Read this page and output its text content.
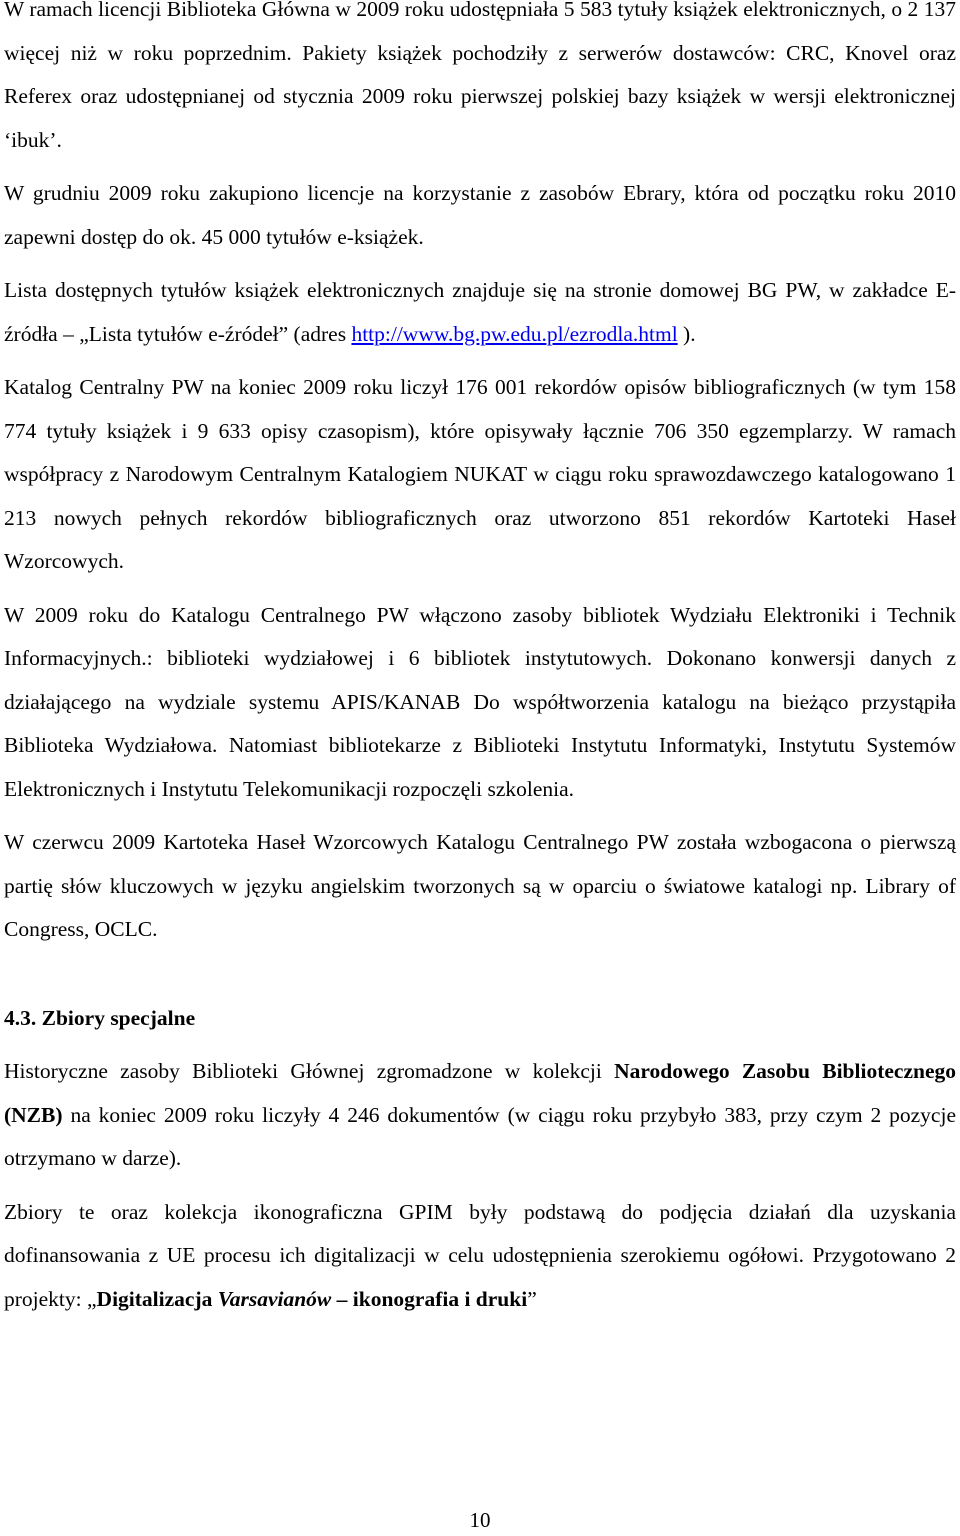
W ramach licencji Biblioteka Główna w 2009 roku udostępniała 5 583 tytuły książek elektronicznych, o 2 137 więcej niż w roku poprzednim. Pakiety książek pochodziły z serwerów dostawców: CRC, Knovel oraz Referex oraz udostępnianej od stycznia 2009 roku pierwszej polskiej bazy książek w wersji elektronicznej ‘ibuk’.

W grudniu 2009 roku zakupiono licencje na korzystanie z zasobów Ebrary, która od początku roku 2010 zapewni dostęp do ok. 45 000 tytułów e-książek.

Lista dostępnych tytułów książek elektronicznych znajduje się na stronie domowej BG PW, w zakładce E-źródła – „Lista tytułów e-źródeł” (adres http://www.bg.pw.edu.pl/ezrodla.html ).

Katalog Centralny PW na koniec 2009 roku liczył 176 001 rekordów opisów bibliograficznych (w tym 158 774 tytuły książek i 9 633 opisy czasopism), które opisywały łącznie 706 350 egzemplarzy. W ramach współpracy z Narodowym Centralnym Katalogiem NUKAT w ciągu roku sprawozdawczego katalogowano 1 213 nowych pełnych rekordów bibliograficznych oraz utworzono 851 rekordów Kartoteki Haseł Wzorcowych.

W 2009 roku do Katalogu Centralnego PW włączono zasoby bibliotek Wydziału Elektroniki i Technik Informacyjnych.: biblioteki wydziałowej i 6 bibliotek instytutowych. Dokonano konwersji danych z działającego na wydziale systemu APIS/KANAB Do współtworzenia katalogu na bieżąco przystąpiła Biblioteka Wydziałowa. Natomiast bibliotekarze z Biblioteki Instytutu Informatyki, Instytutu Systemów Elektronicznych i Instytutu Telekomunikacji rozpoczęli szkolenia.

W czerwcu 2009 Kartoteka Haseł Wzorcowych Katalogu Centralnego PW została wzbogacona o pierwszą partię słów kluczowych w języku angielskim tworzonych są w oparciu o światowe katalogi np. Library of Congress, OCLC.

4.3. Zbiory specjalne

Historyczne zasoby Biblioteki Głównej zgromadzone w kolekcji Narodowego Zasobu Bibliotecznego (NZB) na koniec 2009 roku liczyły 4 246 dokumentów (w ciągu roku przybyło 383, przy czym 2 pozycje otrzymano w darze).

Zbiory te oraz kolekcja ikonograficzna GPIM były podstawą do podjęcia działań dla uzyskania dofinansowania z UE procesu ich digitalizacji w celu udostępnienia szerokiemu ogółowi. Przygotowano 2 projekty: „Digitalizacja Varsavianów – ikonografia i druki”

10
